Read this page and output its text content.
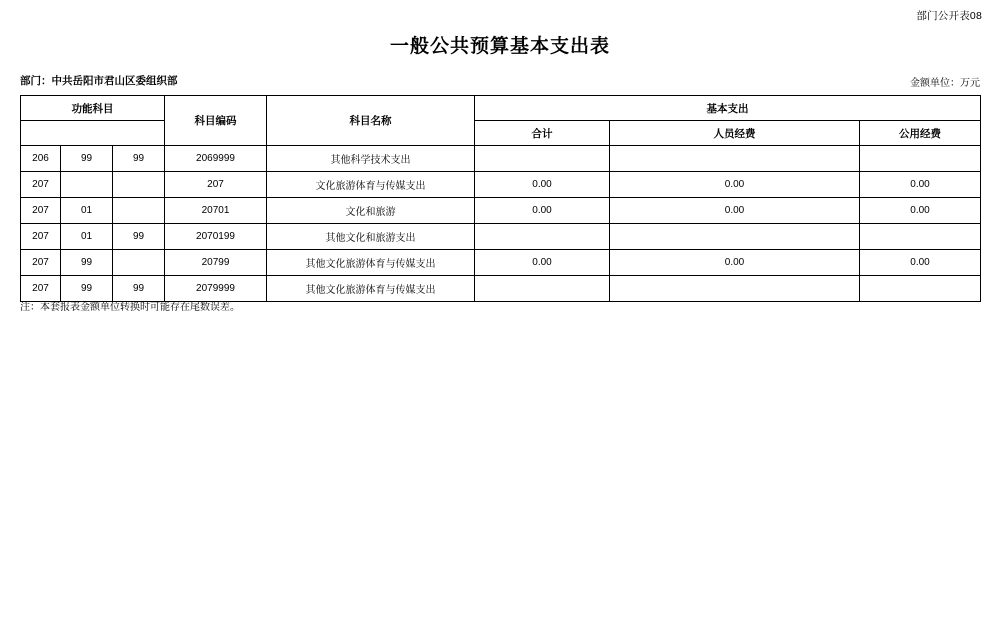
部门公开表08
一般公共预算基本支出表
部门：中共岳阳市君山区委组织部	金额单位：万元
功能科目			科目编码	科目名称	基本支出		
					合计	人员经费	公用经费
206	99	99	2069999	其他科学技术支出			
207			207	文化旅游体育与传媒支出	0.00	0.00	0.00
207	01		20701	文化和旅游	0.00	0.00	0.00
207	01	99	2070199	其他文化和旅游支出			
207	99		20799	其他文化旅游体育与传媒支出	0.00	0.00	0.00
207	99	99	2079999	其他文化旅游体育与传媒支出			
注：本套报表金额单位转换时可能存在尾数误差。
